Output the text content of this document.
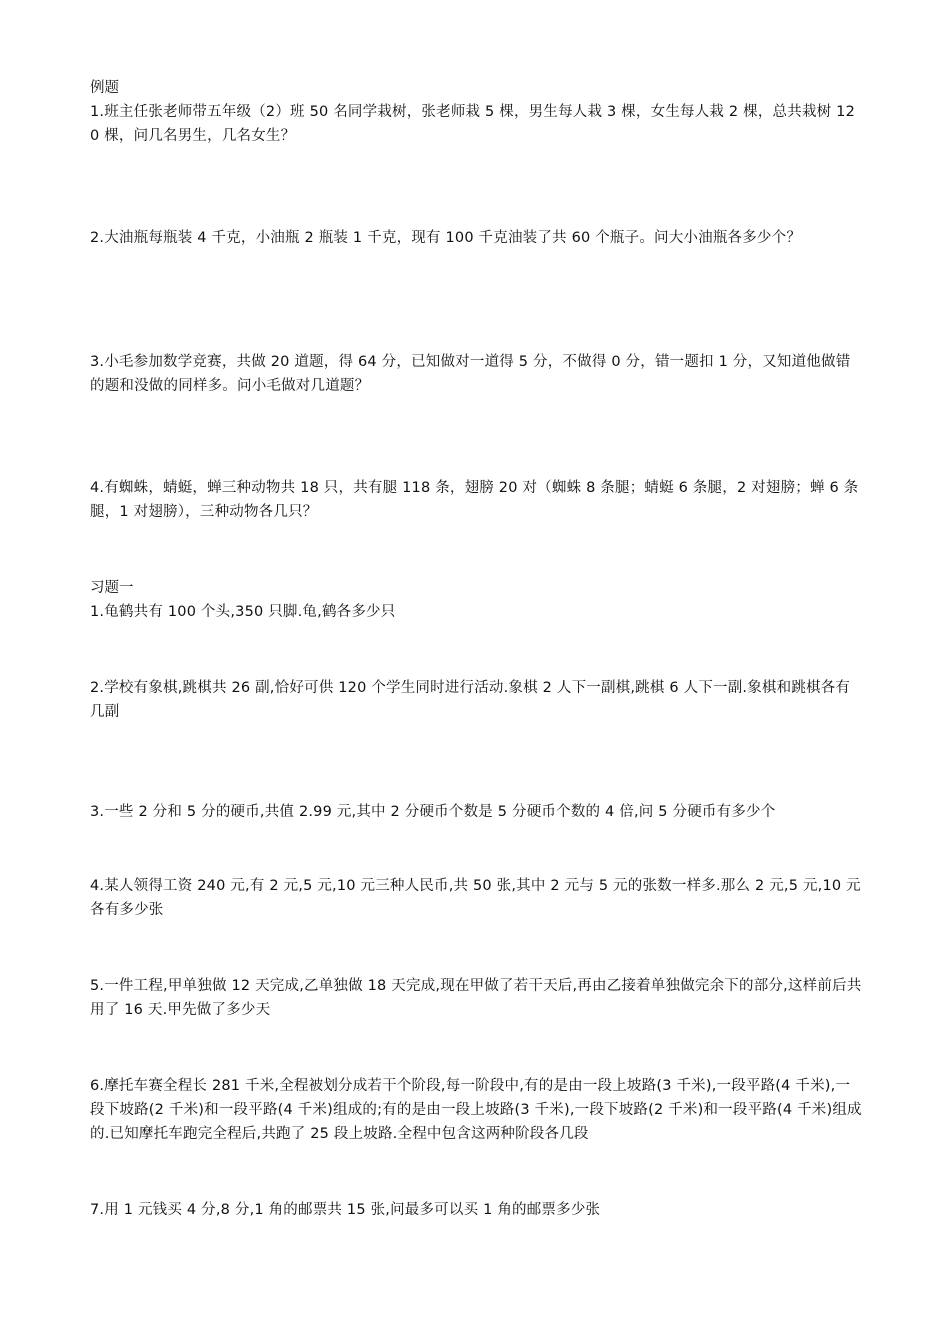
例题
1.班主任张老师带五年级（2）班 50 名同学栽树，张老师栽 5 棵，男生每人栽 3 棵，女生每人栽 2 棵，总共栽树 120 棵，问几名男生，几名女生？
2.大油瓶每瓶装 4 千克，小油瓶 2 瓶装 1 千克，现有 100 千克油装了共 60 个瓶子。问大小油瓶各多少个？
3.小毛参加数学竞赛，共做 20 道题，得 64 分，已知做对一道得 5 分，不做得 0 分，错一题扣 1 分，又知道他做错的题和没做的同样多。问小毛做对几道题？
4.有蜘蛛，蜻蜓，蝉三种动物共 18 只，共有腿 118 条，翅膀 20 对（蜘蛛 8 条腿；蜻蜓 6 条腿，2 对翅膀；蝉 6 条腿，1 对翅膀），三种动物各几只？
习题一
1.龟鹤共有 100 个头,350 只脚.龟,鹤各多少只
2.学校有象棋,跳棋共 26 副,恰好可供 120 个学生同时进行活动.象棋 2 人下一副棋,跳棋 6 人下一副.象棋和跳棋各有几副
3.一些 2 分和 5 分的硬币,共值 2.99 元,其中 2 分硬币个数是 5 分硬币个数的 4 倍,问 5 分硬币有多少个
4.某人领得工资 240 元,有 2 元,5 元,10 元三种人民币,共 50 张,其中 2 元与 5 元的张数一样多.那么 2 元,5 元,10 元各有多少张
5.一件工程,甲单独做 12 天完成,乙单独做 18 天完成,现在甲做了若干天后,再由乙接着单独做完余下的部分,这样前后共用了 16 天.甲先做了多少天
6.摩托车赛全程长 281 千米,全程被划分成若干个阶段,每一阶段中,有的是由一段上坡路(3 千米),一段平路(4 千米),一段下坡路(2 千米)和一段平路(4 千米)组成的;有的是由一段上坡路(3 千米),一段下坡路(2 千米)和一段平路(4 千米)组成的.已知摩托车跑完全程后,共跑了 25 段上坡路.全程中包含这两种阶段各几段
7.用 1 元钱买 4 分,8 分,1 角的邮票共 15 张,问最多可以买 1 角的邮票多少张
